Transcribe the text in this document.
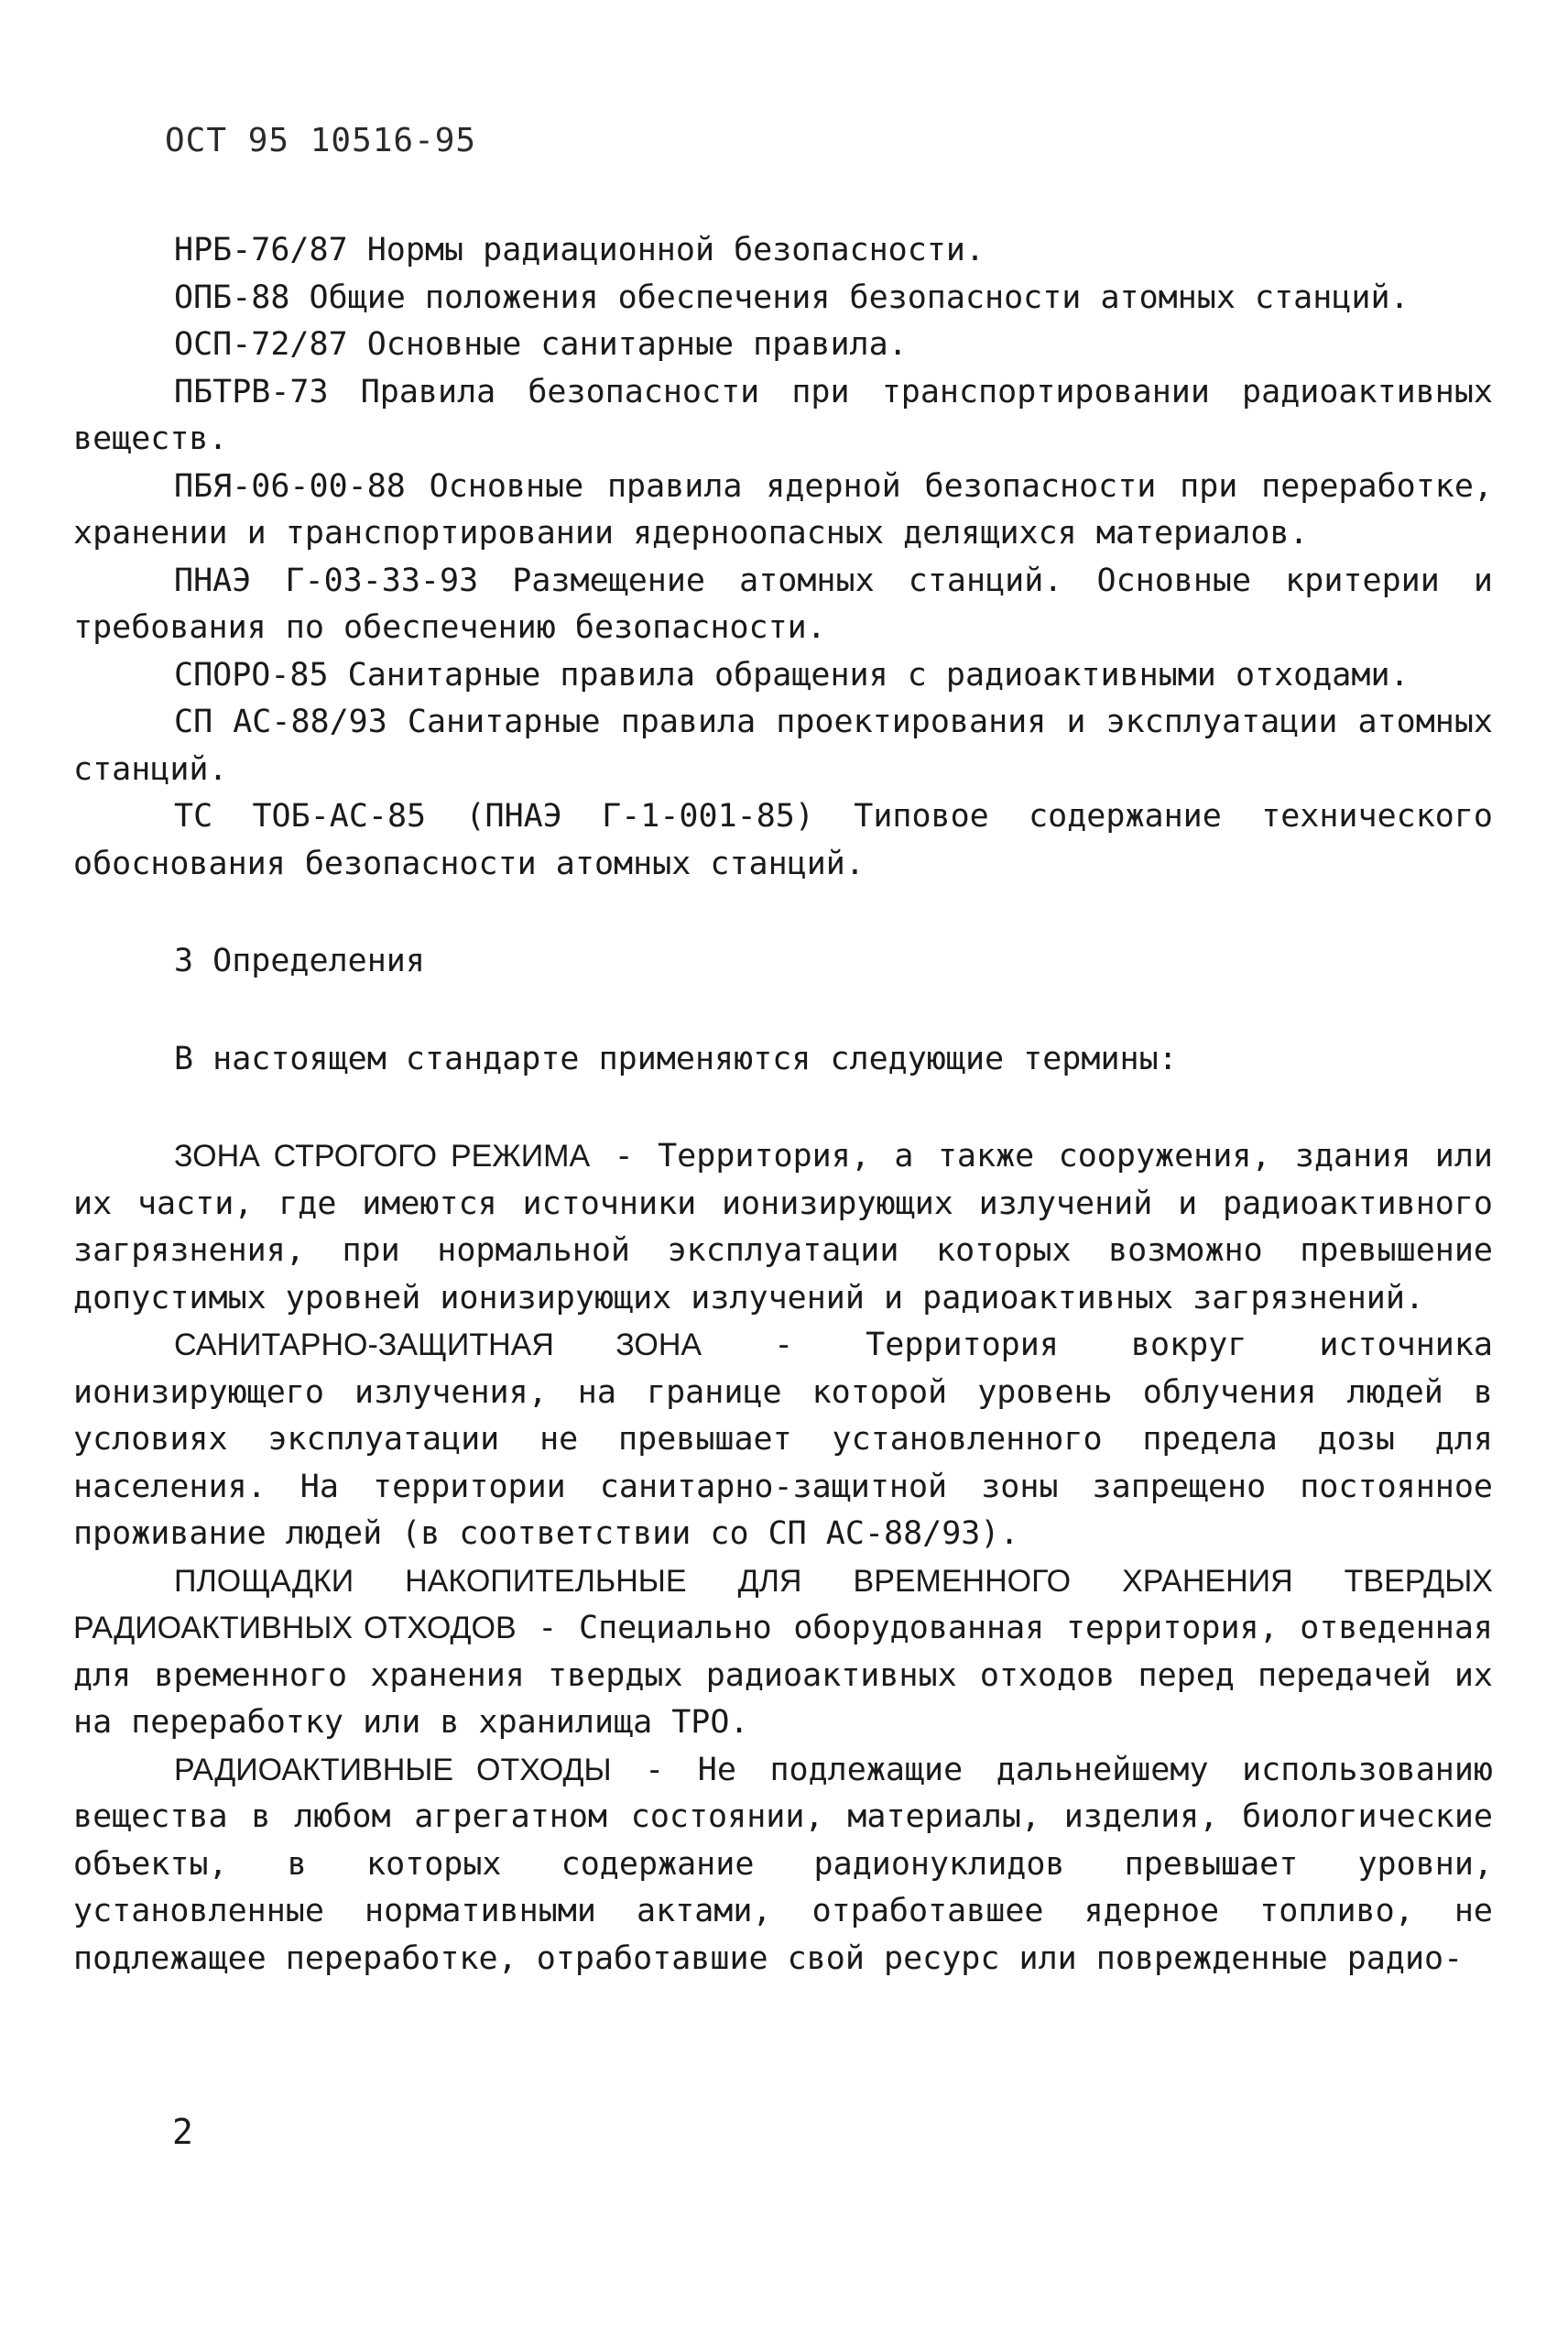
ОСТ 95 10516-95

НРБ-76/87 Нормы радиационной безопасности.

ОПБ-88 Общие положения обеспечения безопасности атомных станций.

ОСП-72/87 Основные санитарные правила.

ПБТРВ-73 Правила безопасности при транспортировании радиоактивных веществ.

ПБЯ-06-00-88 Основные правила ядерной безопасности при переработке, хранении и транспортировании ядерноопасных делящихся материалов.

ПНАЭ Г-03-33-93 Размещение атомных станций. Основные критерии и требования по обеспечению безопасности.

СПОРО-85 Санитарные правила обращения с радиоактивными отходами.

СП АС-88/93 Санитарные правила проектирования и эксплуатации атомных станций.

ТС ТОБ-АС-85 (ПНАЭ Г-1-001-85) Типовое содержание технического обоснования безопасности атомных станций.

3 Определения

В настоящем стандарте применяются следующие термины:

ЗОНА СТРОГОГО РЕЖИМА - Территория, а также сооружения, здания или их части, где имеются источники ионизирующих излучений и радиоактивного загрязнения, при нормальной эксплуатации которых возможно превышение допустимых уровней ионизирующих излучений и радиоактивных загрязнений.

САНИТАРНО-ЗАЩИТНАЯ ЗОНА - Территория вокруг источника ионизирующего излучения, на границе которой уровень облучения людей в условиях эксплуатации не превышает установленного предела дозы для населения. На территории санитарно-защитной зоны запрещено постоянное проживание людей (в соответствии со СП АС-88/93).

ПЛОЩАДКИ НАКОПИТЕЛЬНЫЕ ДЛЯ ВРЕМЕННОГО ХРАНЕНИЯ ТВЕРДЫХ РАДИОАКТИВНЫХ ОТХОДОВ - Специально оборудованная территория, отведенная для временного хранения твердых радиоактивных отходов перед передачей их на переработку или в хранилища ТРО.

РАДИОАКТИВНЫЕ ОТХОДЫ - Не подлежащие дальнейшему использованию вещества в любом агрегатном состоянии, материалы, изделия, биологические объекты, в которых содержание радионуклидов превышает уровни, установленные нормативными актами, отработавшее ядерное топливо, не подлежащее переработке, отработавшие свой ресурс или поврежденные радио-

2
